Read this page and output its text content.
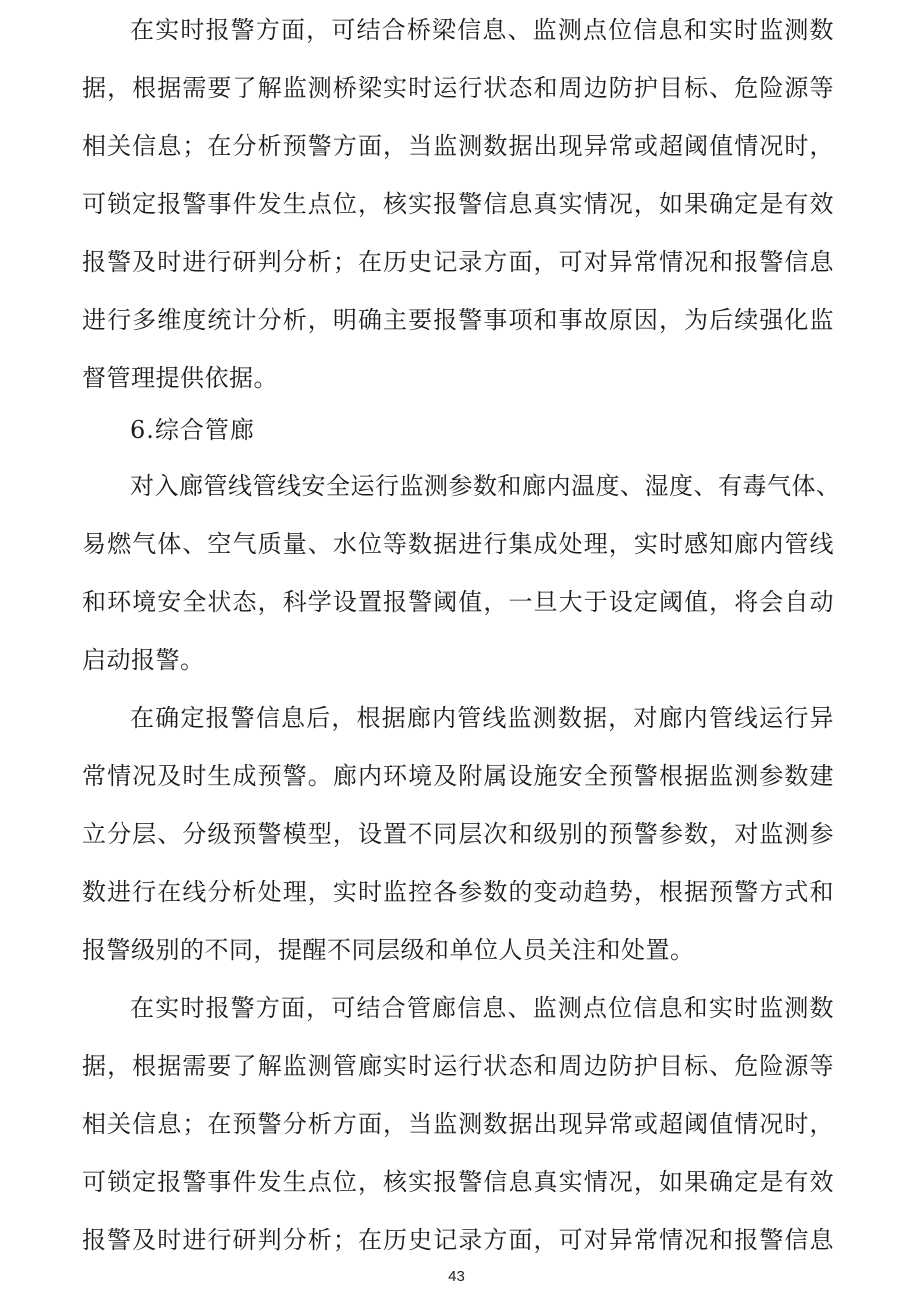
在实时报警方面，可结合桥梁信息、监测点位信息和实时监测数
据，根据需要了解监测桥梁实时运行状态和周边防护目标、危险源等
相关信息；在分析预警方面，当监测数据出现异常或超阈值情况时，
可锁定报警事件发生点位，核实报警信息真实情况，如果确定是有效
报警及时进行研判分析；在历史记录方面，可对异常情况和报警信息
进行多维度统计分析，明确主要报警事项和事故原因，为后续强化监
督管理提供依据。
6.综合管廊
对入廊管线管线安全运行监测参数和廊内温度、湿度、有毒气体、
易燃气体、空气质量、水位等数据进行集成处理，实时感知廊内管线
和环境安全状态，科学设置报警阈值，一旦大于设定阈值，将会自动
启动报警。
在确定报警信息后，根据廊内管线监测数据，对廊内管线运行异
常情况及时生成预警。廊内环境及附属设施安全预警根据监测参数建
立分层、分级预警模型，设置不同层次和级别的预警参数，对监测参
数进行在线分析处理，实时监控各参数的变动趋势，根据预警方式和
报警级别的不同，提醒不同层级和单位人员关注和处置。
在实时报警方面，可结合管廊信息、监测点位信息和实时监测数
据，根据需要了解监测管廊实时运行状态和周边防护目标、危险源等
相关信息；在预警分析方面，当监测数据出现异常或超阈值情况时，
可锁定报警事件发生点位，核实报警信息真实情况，如果确定是有效
报警及时进行研判分析；在历史记录方面，可对异常情况和报警信息
43
